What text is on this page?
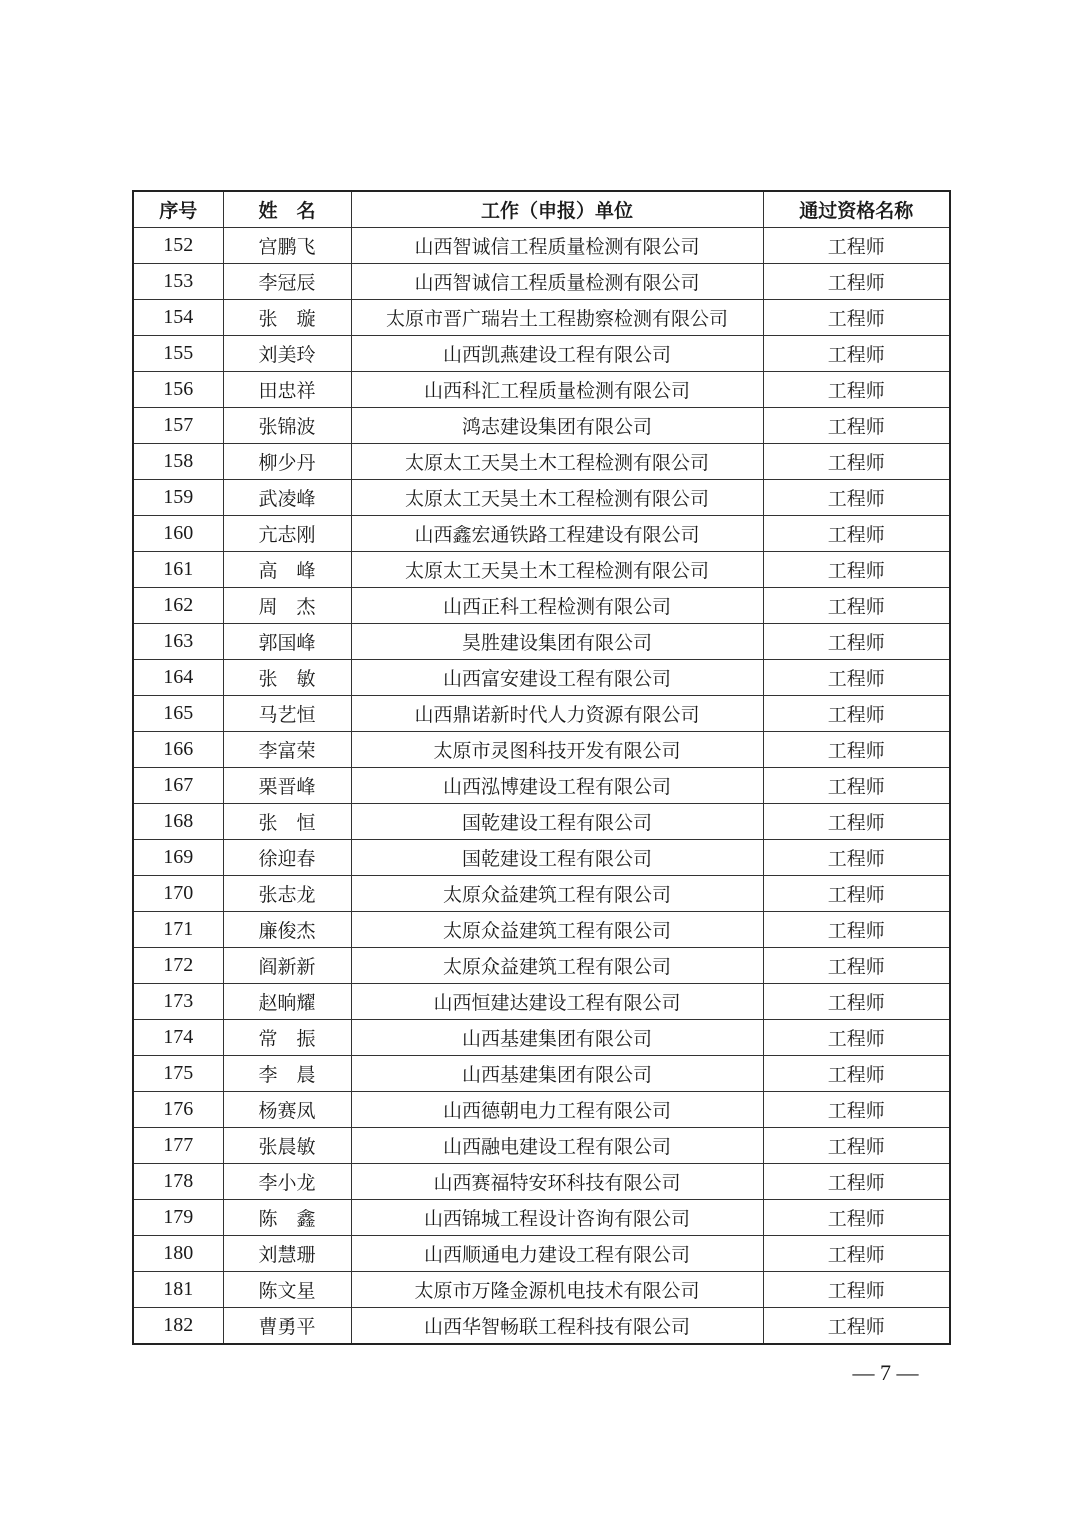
序号	姓　名	工作（申报）单位	通过资格名称
152	宫鹏飞	山西智诚信工程质量检测有限公司	工程师
153	李冠辰	山西智诚信工程质量检测有限公司	工程师
154	张　璇	太原市晋广瑞岩土工程勘察检测有限公司	工程师
155	刘美玲	山西凯燕建设工程有限公司	工程师
156	田忠祥	山西科汇工程质量检测有限公司	工程师
157	张锦波	鸿志建设集团有限公司	工程师
158	柳少丹	太原太工天昊土木工程检测有限公司	工程师
159	武凌峰	太原太工天昊土木工程检测有限公司	工程师
160	亢志刚	山西鑫宏通铁路工程建设有限公司	工程师
161	高　峰	太原太工天昊土木工程检测有限公司	工程师
162	周　杰	山西正科工程检测有限公司	工程师
163	郭国峰	昊胜建设集团有限公司	工程师
164	张　敏	山西富安建设工程有限公司	工程师
165	马艺恒	山西鼎诺新时代人力资源有限公司	工程师
166	李富荣	太原市灵图科技开发有限公司	工程师
167	栗晋峰	山西泓博建设工程有限公司	工程师
168	张　恒	国乾建设工程有限公司	工程师
169	徐迎春	国乾建设工程有限公司	工程师
170	张志龙	太原众益建筑工程有限公司	工程师
171	廉俊杰	太原众益建筑工程有限公司	工程师
172	阎新新	太原众益建筑工程有限公司	工程师
173	赵晌耀	山西恒建达建设工程有限公司	工程师
174	常　振	山西基建集团有限公司	工程师
175	李　晨	山西基建集团有限公司	工程师
176	杨赛凤	山西德朝电力工程有限公司	工程师
177	张晨敏	山西融电建设工程有限公司	工程师
178	李小龙	山西赛福特安环科技有限公司	工程师
179	陈　鑫	山西锦城工程设计咨询有限公司	工程师
180	刘慧珊	山西顺通电力建设工程有限公司	工程师
181	陈文星	太原市万隆金源机电技术有限公司	工程师
182	曹勇平	山西华智畅联工程科技有限公司	工程师
— 7 —
